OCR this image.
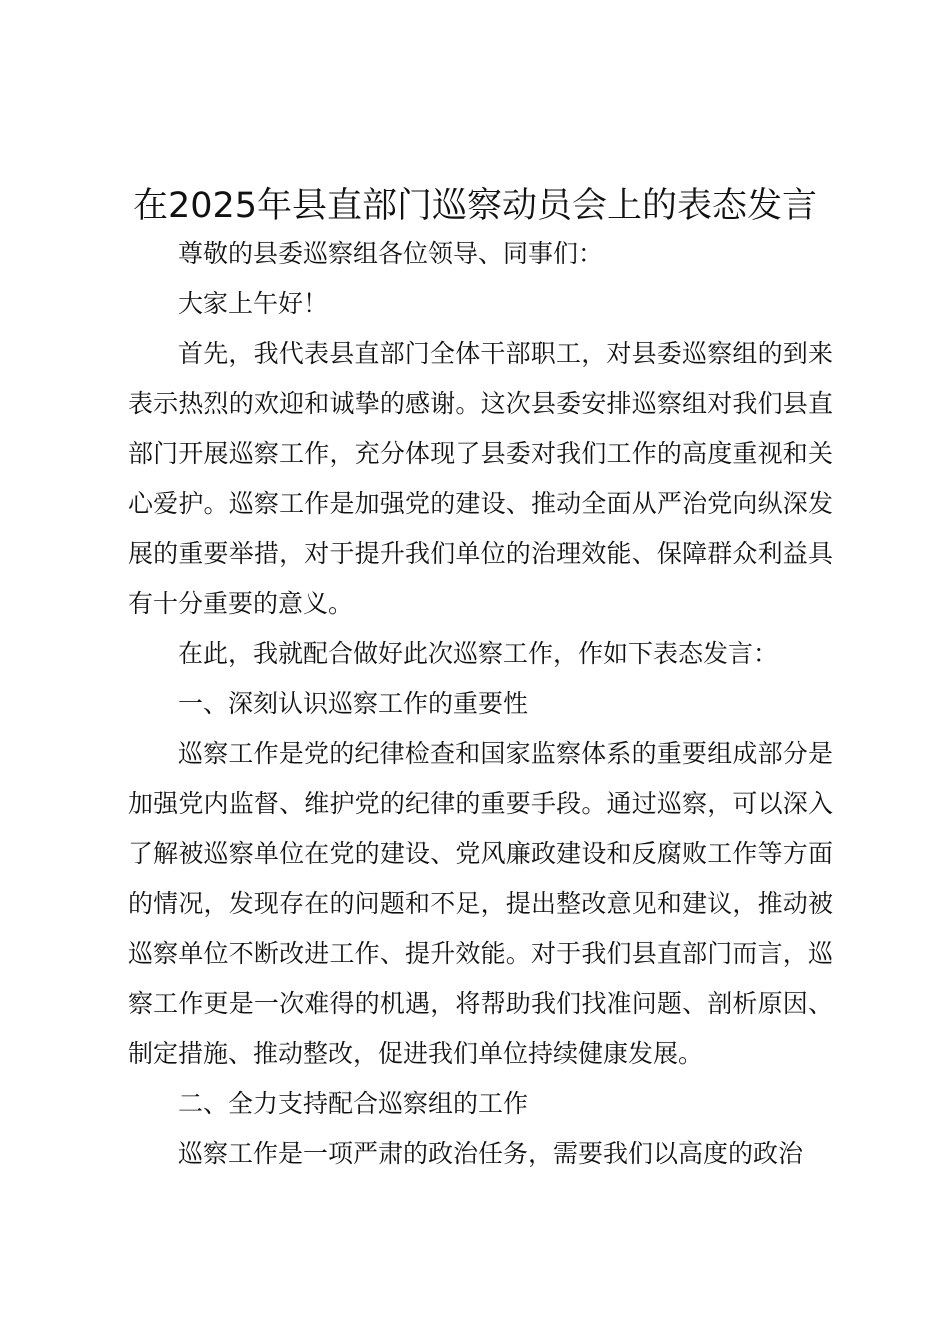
在2025年县直部门巡察动员会上的表态发言

尊敬的县委巡察组各位领导、同事们：

大家上午好！

首先，我代表县直部门全体干部职工，对县委巡察组的到来表示热烈的欢迎和诚挚的感谢。这次县委安排巡察组对我们县直部门开展巡察工作，充分体现了县委对我们工作的高度重视和关心爱护。巡察工作是加强党的建设、推动全面从严治党向纵深发展的重要举措，对于提升我们单位的治理效能、保障群众利益具有十分重要的意义。

在此，我就配合做好此次巡察工作，作如下表态发言：

一、深刻认识巡察工作的重要性

巡察工作是党的纪律检查和国家监察体系的重要组成部分是加强党内监督、维护党的纪律的重要手段。通过巡察，可以深入了解被巡察单位在党的建设、党风廉政建设和反腐败工作等方面的情况，发现存在的问题和不足，提出整改意见和建议，推动被巡察单位不断改进工作、提升效能。对于我们县直部门而言，巡察工作更是一次难得的机遇，将帮助我们找准问题、剖析原因、制定措施、推动整改，促进我们单位持续健康发展。

二、全力支持配合巡察组的工作

巡察工作是一项严肃的政治任务，需要我们以高度的政治
